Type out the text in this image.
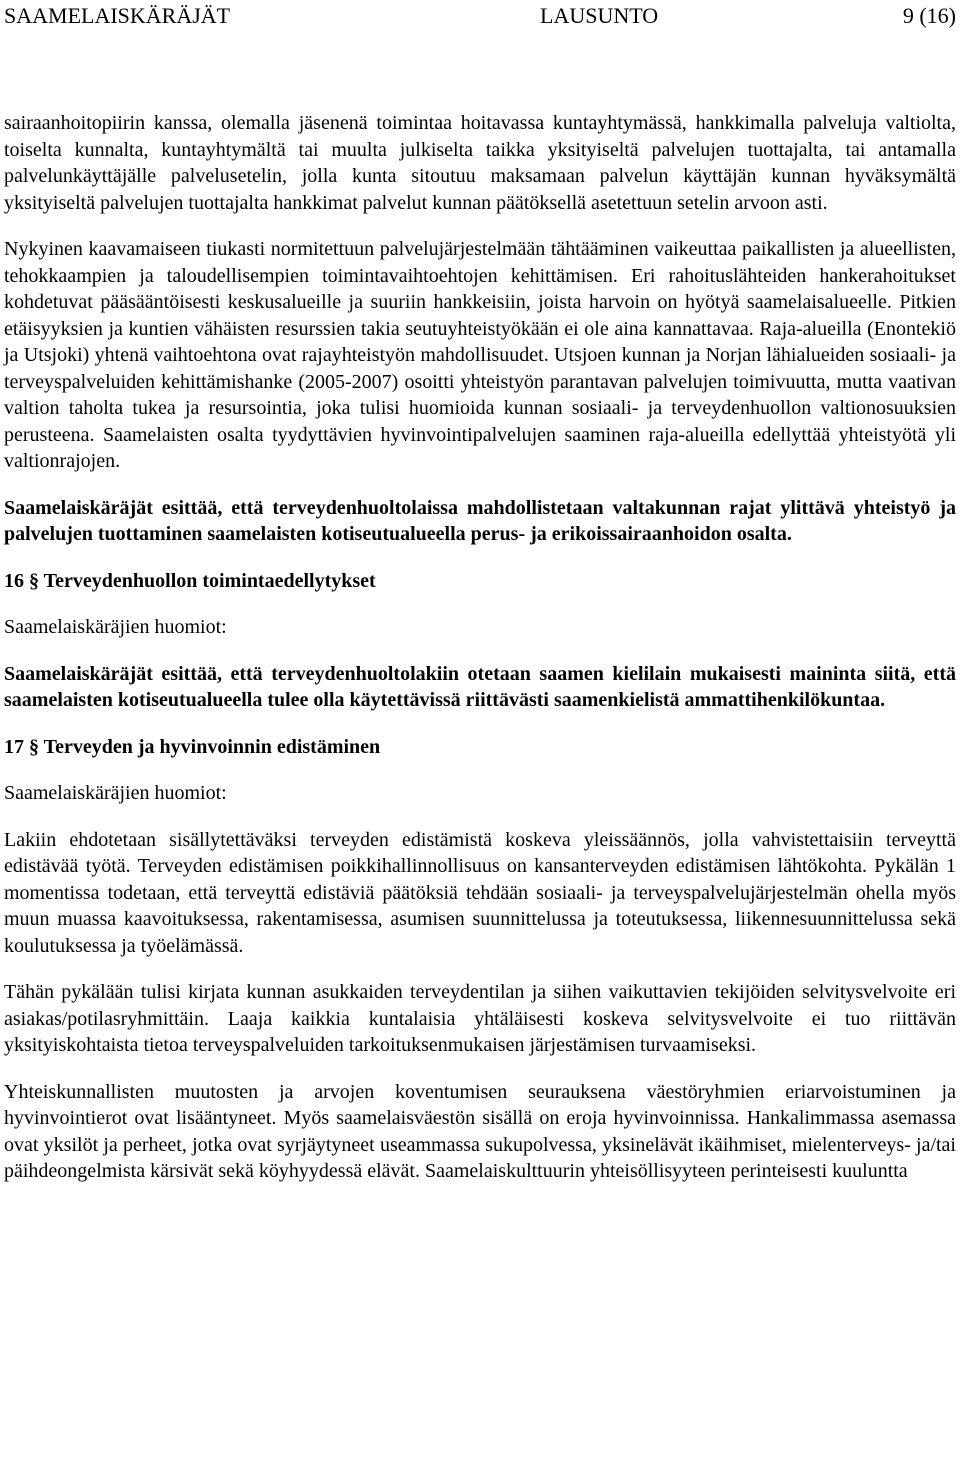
SAAMELAISKÄRÄJÄT	LAUSUNTO	9 (16)

sairaanhoitopiirin kanssa, olemalla jäsenenä toimintaa hoitavassa kuntayhtymässä, hankkimalla palveluja valtiolta, toiselta kunnalta, kuntayhtymältä tai muulta julkiselta taikka yksityiseltä palvelujen tuottajalta, tai antamalla palvelunkäyttäjälle palvelusetelin, jolla kunta sitoutuu maksamaan palvelun käyttäjän kunnan hyväksymältä yksityiseltä palvelujen tuottajalta hankkimat palvelut kunnan päätöksellä asetettuun setelin arvoon asti.

Nykyinen kaavamaiseen tiukasti normitettuun palvelujärjestelmään tähtääminen vaikeuttaa paikallisten ja alueellisten, tehokkaampien ja taloudellisempien toimintavaihtoehtojen kehittämisen. Eri rahoituslähteiden hankerahoitukset kohdetuvat pääsääntöisesti keskusalueille ja suuriin hankkeisiin, joista harvoin on hyötyä saamelaisalueelle. Pitkien etäisyyksien ja kuntien vähäisten resurssien takia seutuyhteistyökään ei ole aina kannattavaa. Raja-alueilla (Enontekiö ja Utsjoki) yhtenä vaihtoehtona ovat rajayhteistyön mahdollisuudet. Utsjoen kunnan ja Norjan lähialueiden sosiaali- ja terveyspalveluiden kehittämishanke (2005-2007) osoitti yhteistyön parantavan palvelujen toimivuutta, mutta vaativan valtion taholta tukea ja resursointia, joka tulisi huomioida kunnan sosiaali- ja terveydenhuollon valtionosuuksien perusteena. Saamelaisten osalta tyydyttävien hyvinvointipalvelujen saaminen raja-alueilla edellyttää yhteistyötä yli valtionrajojen.

Saamelaiskäräjät esittää, että terveydenhuoltolaissa mahdollistetaan valtakunnan rajat ylittävä yhteistyö ja palvelujen tuottaminen saamelaisten kotiseutualueella perus- ja erikoissairaanhoidon osalta.

16 § Terveydenhuollon toimintaedellytykset
Saamelaiskäräjien huomiot:

Saamelaiskäräjät esittää, että terveydenhuoltolakiin otetaan saamen kielilain mukaisesti maininta siitä, että saamelaisten kotiseutualueella tulee olla käytettävissä riittävästi saamenkielistä ammattihenkilökuntaa.

17 § Terveyden ja hyvinvoinnin edistäminen
Saamelaiskäräjien huomiot:

Lakiin ehdotetaan sisällytettäväksi terveyden edistämistä koskeva yleissäännös, jolla vahvistettaisiin terveyttä edistävää työtä. Terveyden edistämisen poikkihallinnollisuus on kansanterveyden edistämisen lähtökohta. Pykälän 1 momentissa todetaan, että terveyttä edistäviä päätöksiä tehdään sosiaali- ja terveyspalvelujärjestelmän ohella myös muun muassa kaavoituksessa, rakentamisessa, asumisen suunnittelussa ja toteutuksessa, liikennesuunnittelussa sekä koulutuksessa ja työelämässä.

Tähän pykälään tulisi kirjata kunnan asukkaiden terveydentilan ja siihen vaikuttavien tekijöiden selvitysvelvoite eri asiakas/potilasryhmittäin. Laaja kaikkia kuntalaisia yhtäläisesti koskeva selvitysvelvoite ei tuo riittävän yksityiskohtaista tietoa terveyspalveluiden tarkoituksenmukaisen järjestämisen turvaamiseksi.

Yhteiskunnallisten muutosten ja arvojen koventumisen seurauksena väestöryhmien eriarvoistuminen ja hyvinvointierot ovat lisääntyneet. Myös saamelaisväestön sisällä on eroja hyvinvoinnissa. Hankalimmassa asemassa ovat yksilöt ja perheet, jotka ovat syrjäytyneet useammassa sukupolvessa, yksinelävät ikäihmiset, mielenterveys- ja/tai päihdeongelmista kärsivät sekä köyhyydessä elävät. Saamelaiskulttuurin yhteisöllisyyteen perinteisesti kuuluntta
